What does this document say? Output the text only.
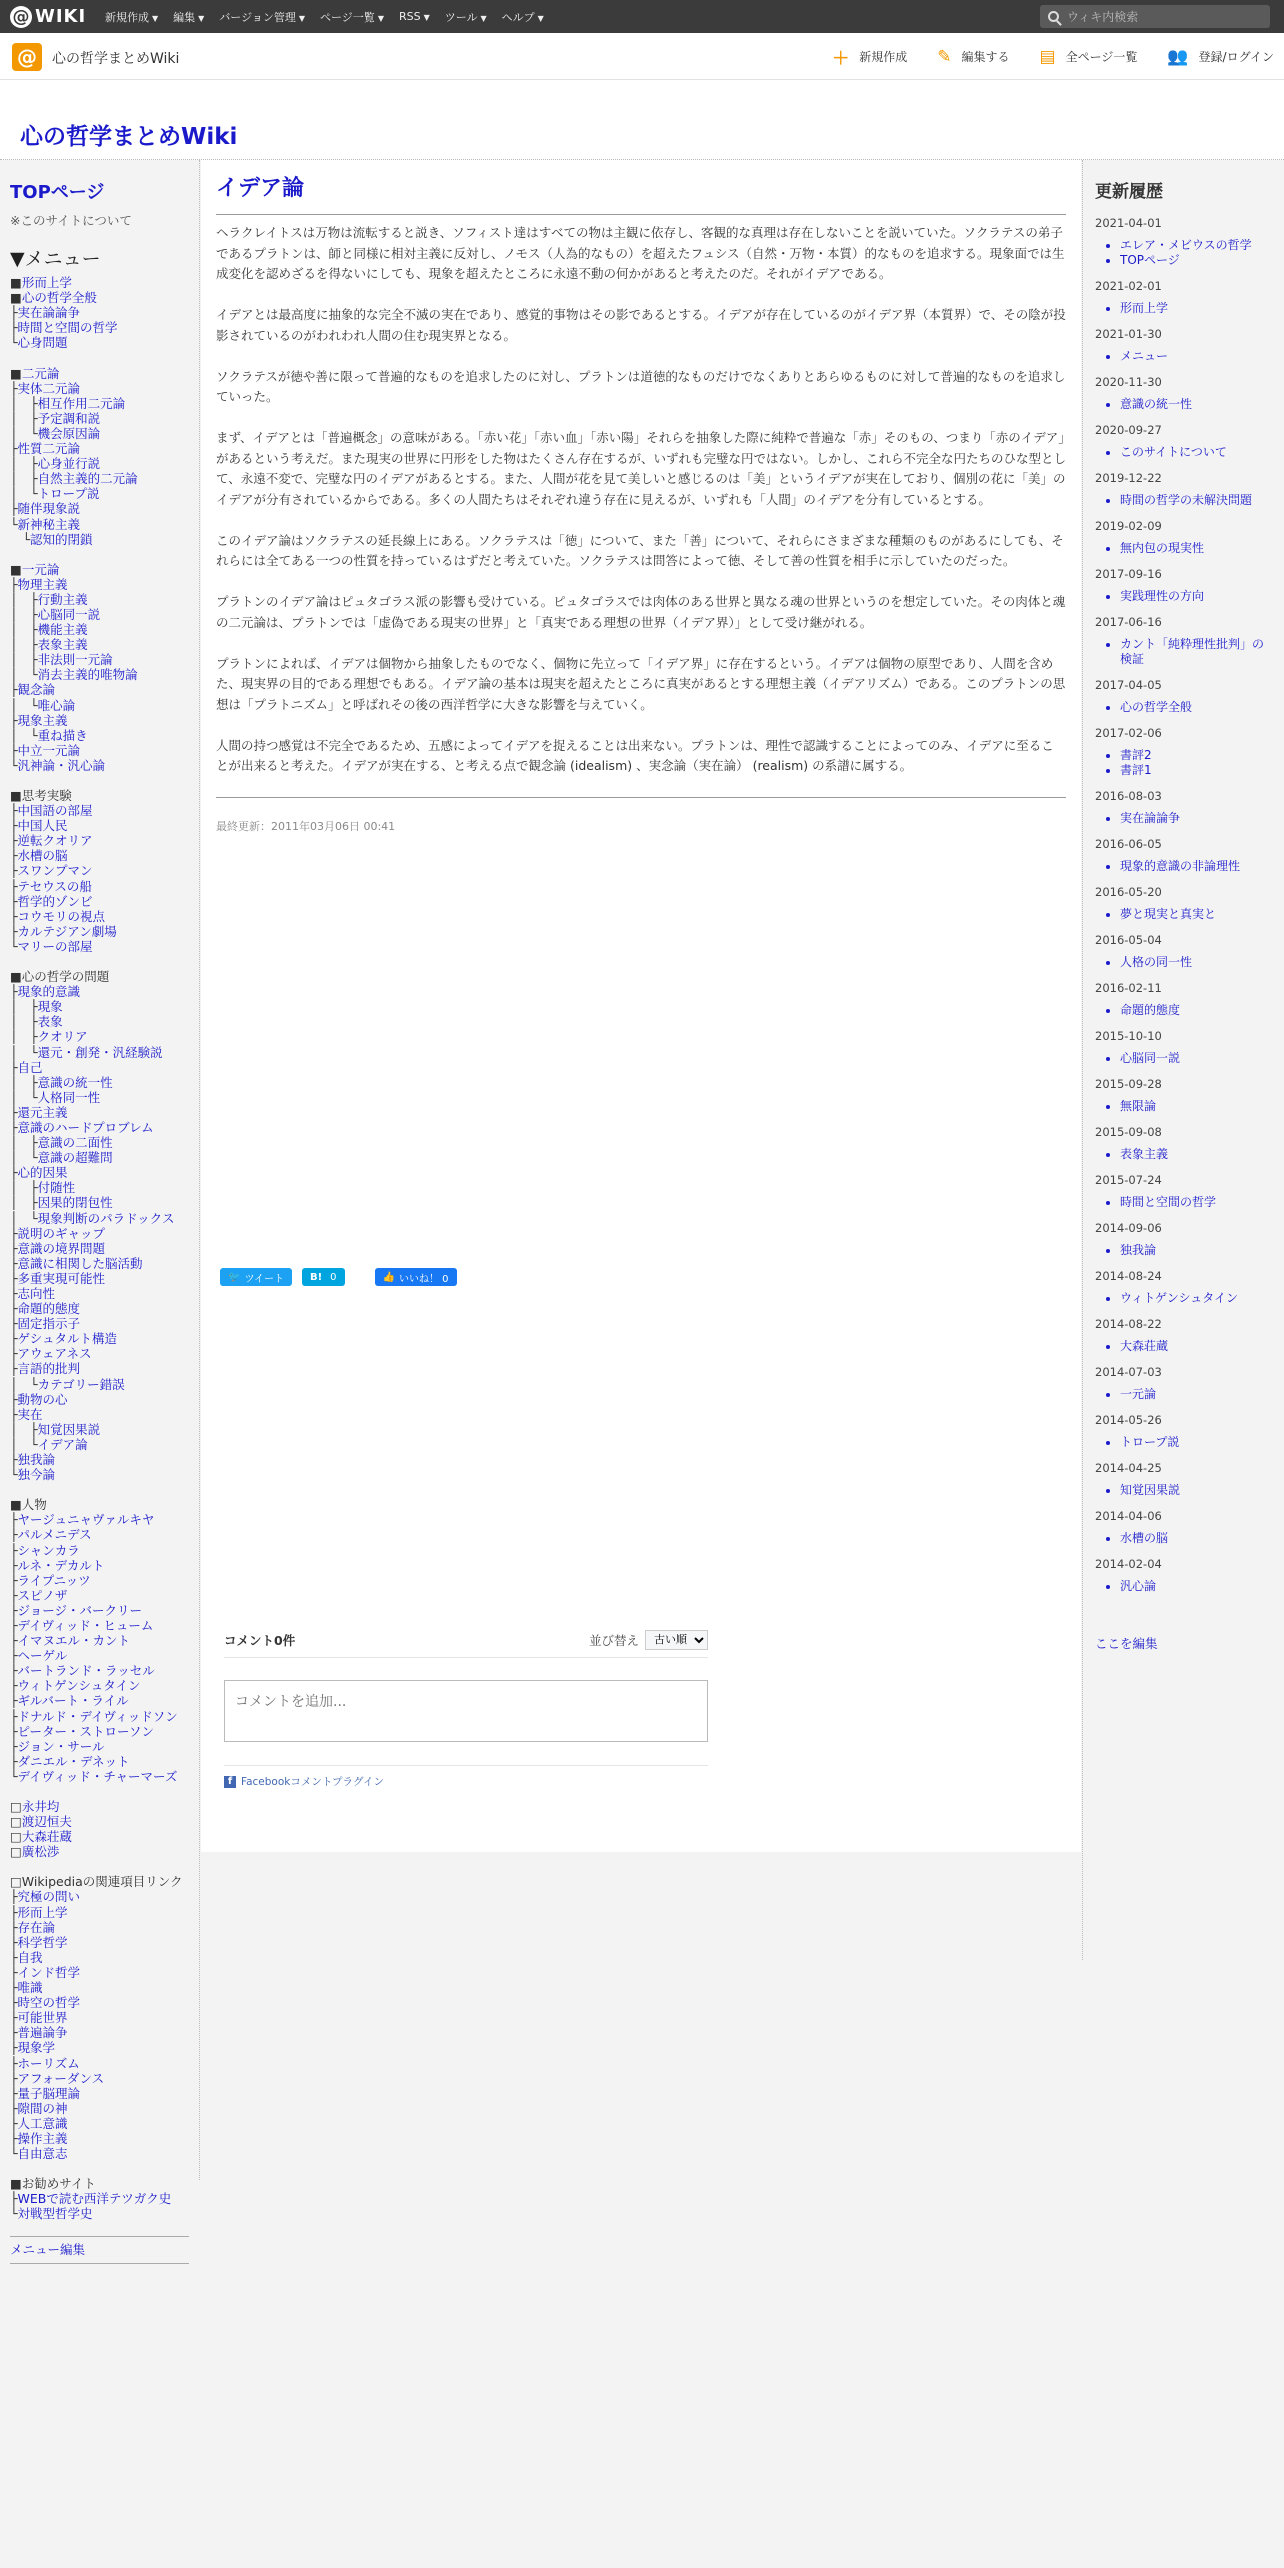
@ WIKI 新規作成 ▼ 編集 ▼ バージョン管理 ▼ ページ一覧 ▼ RSS ▼ ツール ▼ ヘルプ ▼	ウィキ内検索
@	心の哲学まとめWiki	＋ 新規作成 ✎ 編集する ▤ 全ページ一覧 👥 登録/ログイン
心の哲学まとめWiki
TOPページ
※このサイトについて
▼メニュー
■形而上学
■心の哲学全般
├実在論論争
├時間と空間の哲学
└心身問題
■二元論
├実体二元論
│　├相互作用二元論
│　├予定調和説
│　└機会原因論
├性質二元論
│　├心身並行説
│　├自然主義的二元論
│　└トロープ説
├随伴現象説
└新神秘主義
　└認知的閉鎖
■一元論
├物理主義
│　├行動主義
│　├心脳同一説
│　├機能主義
│　├表象主義
│　├非法則一元論
│　└消去主義的唯物論
├観念論
│　└唯心論
├現象主義
│　└重ね描き
├中立一元論
└汎神論・汎心論
■思考実験
├中国語の部屋
├中国人民
├逆転クオリア
├水槽の脳
├スワンプマン
├テセウスの船
├哲学的ゾンビ
├コウモリの視点
├カルテジアン劇場
└マリーの部屋
■心の哲学の問題
├現象的意識
│　├現象
│　├表象
│　├クオリア
│　└還元・創発・汎経験説
├自己
│　├意識の統一性
│　└人格同一性
├還元主義
├意識のハードプロブレム
│　├意識の二面性
│　└意識の超難問
├心的因果
│　├付随性
│　├因果的閉包性
│　└現象判断のパラドックス
├説明のギャップ
├意識の境界問題
├意識に相関した脳活動
├多重実現可能性
├志向性
├命題的態度
├固定指示子
├ゲシュタルト構造
├アウェアネス
├言語的批判
│　└カテゴリー錯誤
├動物の心
├実在
│　├知覚因果説
│　└イデア論
├独我論
└独今論
■人物
├ヤージュニャヴァルキヤ
├パルメニデス
├シャンカラ
├ルネ・デカルト
├ライプニッツ
├スピノザ
├ジョージ・バークリー
├デイヴィッド・ヒューム
├イマヌエル・カント
├ヘーゲル
├バートランド・ラッセル
├ウィトゲンシュタイン
├ギルバート・ライル
├ドナルド・デイヴィッドソン
├ピーター・ストローソン
├ジョン・サール
├ダニエル・デネット
└デイヴィッド・チャーマーズ
□永井均
□渡辺恒夫
□大森荘蔵
□廣松渉
□Wikipediaの関連項目リンク
├究極の問い
├形而上学
├存在論
├科学哲学
├自我
├インド哲学
├唯識
├時空の哲学
├可能世界
├普遍論争
├現象学
├ホーリズム
├アフォーダンス
├量子脳理論
├隙間の神
├人工意識
├操作主義
└自由意志
■お勧めサイト
├WEBで読む西洋テツガク史
└対戦型哲学史
メニュー編集
イデア論

ヘラクレイトスは万物は流転すると説き、ソフィスト達はすべての物は主観に依存し、客観的な真理は存在しないことを説いていた。ソクラテスの弟子であるプラトンは、師と同様に相対主義に反対し、ノモス（人為的なもの）を超えたフュシス（自然・万物・本質）的なものを追求する。現象面では生成変化を認めざるを得ないにしても、現象を超えたところに永遠不動の何かがあると考えたのだ。それがイデアである。

イデアとは最高度に抽象的な完全不滅の実在であり、感覚的事物はその影であるとする。イデアが存在しているのがイデア界（本質界）で、その陰が投影されているのがわれわれ人間の住む現実界となる。

ソクラテスが徳や善に限って普遍的なものを追求したのに対し、プラトンは道徳的なものだけでなくありとあらゆるものに対して普遍的なものを追求していった。

まず、イデアとは「普遍概念」の意味がある。「赤い花」「赤い血」「赤い陽」それらを抽象した際に純粋で普遍な「赤」そのもの、つまり「赤のイデア」があるという考えだ。また現実の世界に円形をした物はたくさん存在するが、いずれも完璧な円ではない。しかし、これら不完全な円たちのひな型として、永遠不変で、完璧な円のイデアがあるとする。また、人間が花を見て美しいと感じるのは「美」というイデアが実在しており、個別の花に「美」のイデアが分有されているからである。多くの人間たちはそれぞれ違う存在に見えるが、いずれも「人間」のイデアを分有しているとする。

このイデア論はソクラテスの延長線上にある。ソクラテスは「徳」について、また「善」について、それらにさまざまな種類のものがあるにしても、それらには全てある一つの性質を持っているはずだと考えていた。ソクラテスは問答によって徳、そして善の性質を相手に示していたのだった。

プラトンのイデア論はピュタゴラス派の影響も受けている。ピュタゴラスでは肉体のある世界と異なる魂の世界というのを想定していた。その肉体と魂の二元論は、プラトンでは「虚偽である現実の世界」と「真実である理想の世界（イデア界）」として受け継がれる。

プラトンによれば、イデアは個物から抽象したものでなく、個物に先立って「イデア界」に存在するという。イデアは個物の原型であり、人間を含めた、現実界の目的である理想でもある。イデア論の基本は現実を超えたところに真実があるとする理想主義（イデアリズム）である。このプラトンの思想は「プラトニズム」と呼ばれその後の西洋哲学に大きな影響を与えていく。

人間の持つ感覚は不完全であるため、五感によってイデアを捉えることは出来ない。プラトンは、理性で認識することによってのみ、イデアに至ることが出来ると考えた。イデアが実在する、と考える点で観念論 (idealism) 、実念論（実在論） (realism) の系譜に属する。

最終更新：2011年03月06日 00:41
🐦 ツイート	B! 0	👍 いいね！ 0
コメント0件	並び替え
古い順
コメントを追加...
f Facebookコメントプラグイン
更新履歴
2021-04-01
• エレア・メビウスの哲学
• TOPページ
2021-02-01
• 形而上学
2021-01-30
• メニュー
2020-11-30
• 意識の統一性
2020-09-27
• このサイトについて
2019-12-22
• 時間の哲学の未解決問題
2019-02-09
• 無内包の現実性
2017-09-16
• 実践理性の方向
2017-06-16
• カント「純粋理性批判」の検証
2017-04-05
• 心の哲学全般
2017-02-06
• 書評2
• 書評1
2016-08-03
• 実在論論争
2016-06-05
• 現象的意識の非論理性
2016-05-20
• 夢と現実と真実と
2016-05-04
• 人格の同一性
2016-02-11
• 命題的態度
2015-10-10
• 心脳同一説
2015-09-28
• 無限論
2015-09-08
• 表象主義
2015-07-24
• 時間と空間の哲学
2014-09-06
• 独我論
2014-08-24
• ウィトゲンシュタイン
2014-08-22
• 大森荘蔵
2014-07-03
• 一元論
2014-05-26
• トロープ説
2014-04-25
• 知覚因果説
2014-04-06
• 水槽の脳
2014-02-04
• 汎心論
ここを編集
